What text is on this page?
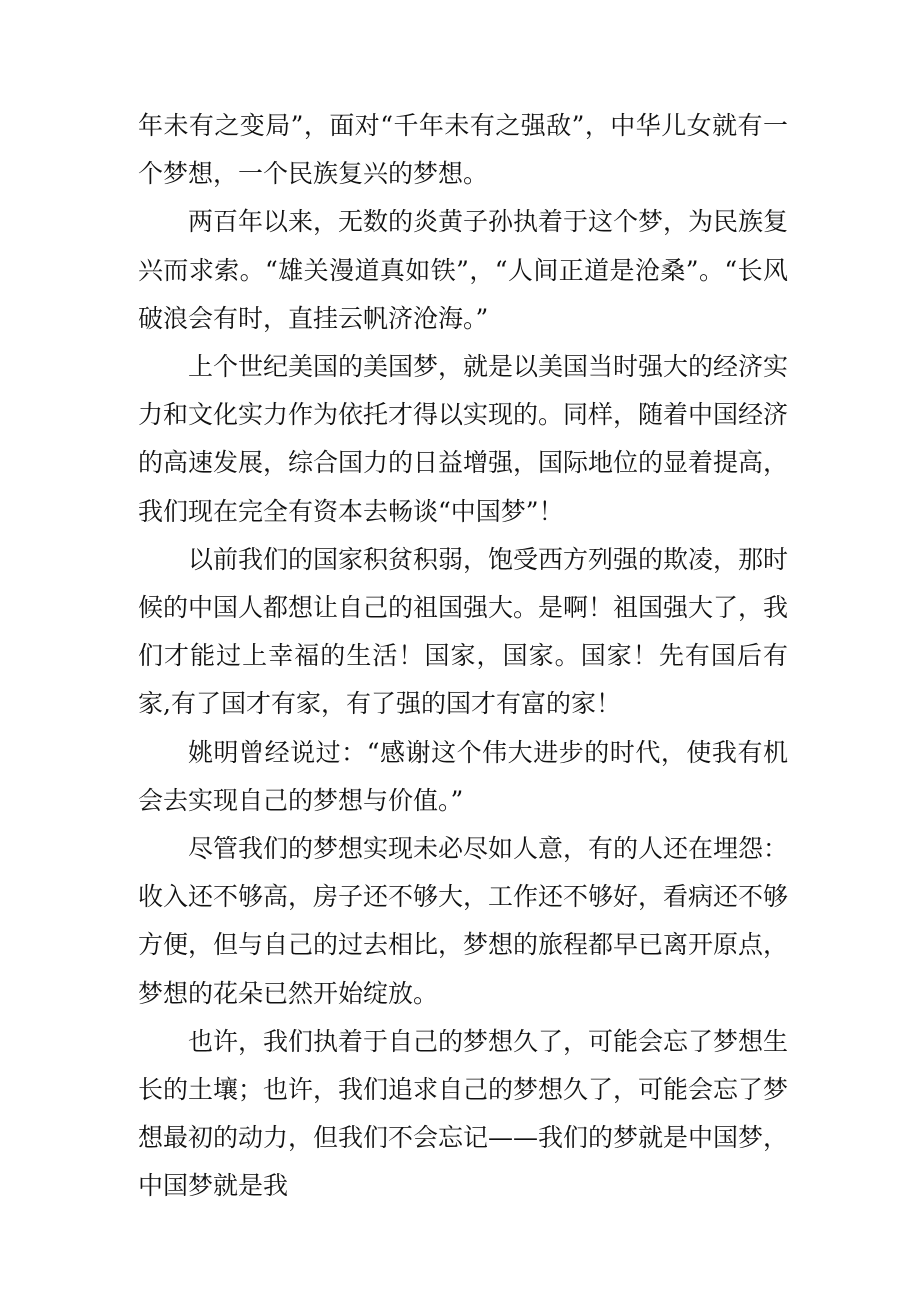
年未有之变局”，面对“千年未有之强敌”，中华儿女就有一个梦想，一个民族复兴的梦想。

两百年以来，无数的炎黄子孙执着于这个梦，为民族复兴而求索。“雄关漫道真如铁”，“人间正道是沧桑”。“长风破浪会有时，直挂云帆济沧海。”

上个世纪美国的美国梦，就是以美国当时强大的经济实力和文化实力作为依托才得以实现的。同样，随着中国经济的高速发展，综合国力的日益增强，国际地位的显着提高，我们现在完全有资本去畅谈“中国梦”！

以前我们的国家积贫积弱，饱受西方列强的欺凌，那时候的中国人都想让自己的祖国强大。是啊！祖国强大了，我们才能过上幸福的生活！国家，国家。国家！先有国后有家,有了国才有家，有了强的国才有富的家！

姚明曾经说过：“感谢这个伟大进步的时代，使我有机会去实现自己的梦想与价值。”

尽管我们的梦想实现未必尽如人意，有的人还在埋怨：收入还不够高，房子还不够大，工作还不够好，看病还不够方便，但与自己的过去相比，梦想的旅程都早已离开原点，梦想的花朵已然开始绽放。

也许，我们执着于自己的梦想久了，可能会忘了梦想生长的土壤；也许，我们追求自己的梦想久了，可能会忘了梦想最初的动力，但我们不会忘记——我们的梦就是中国梦，中国梦就是我
